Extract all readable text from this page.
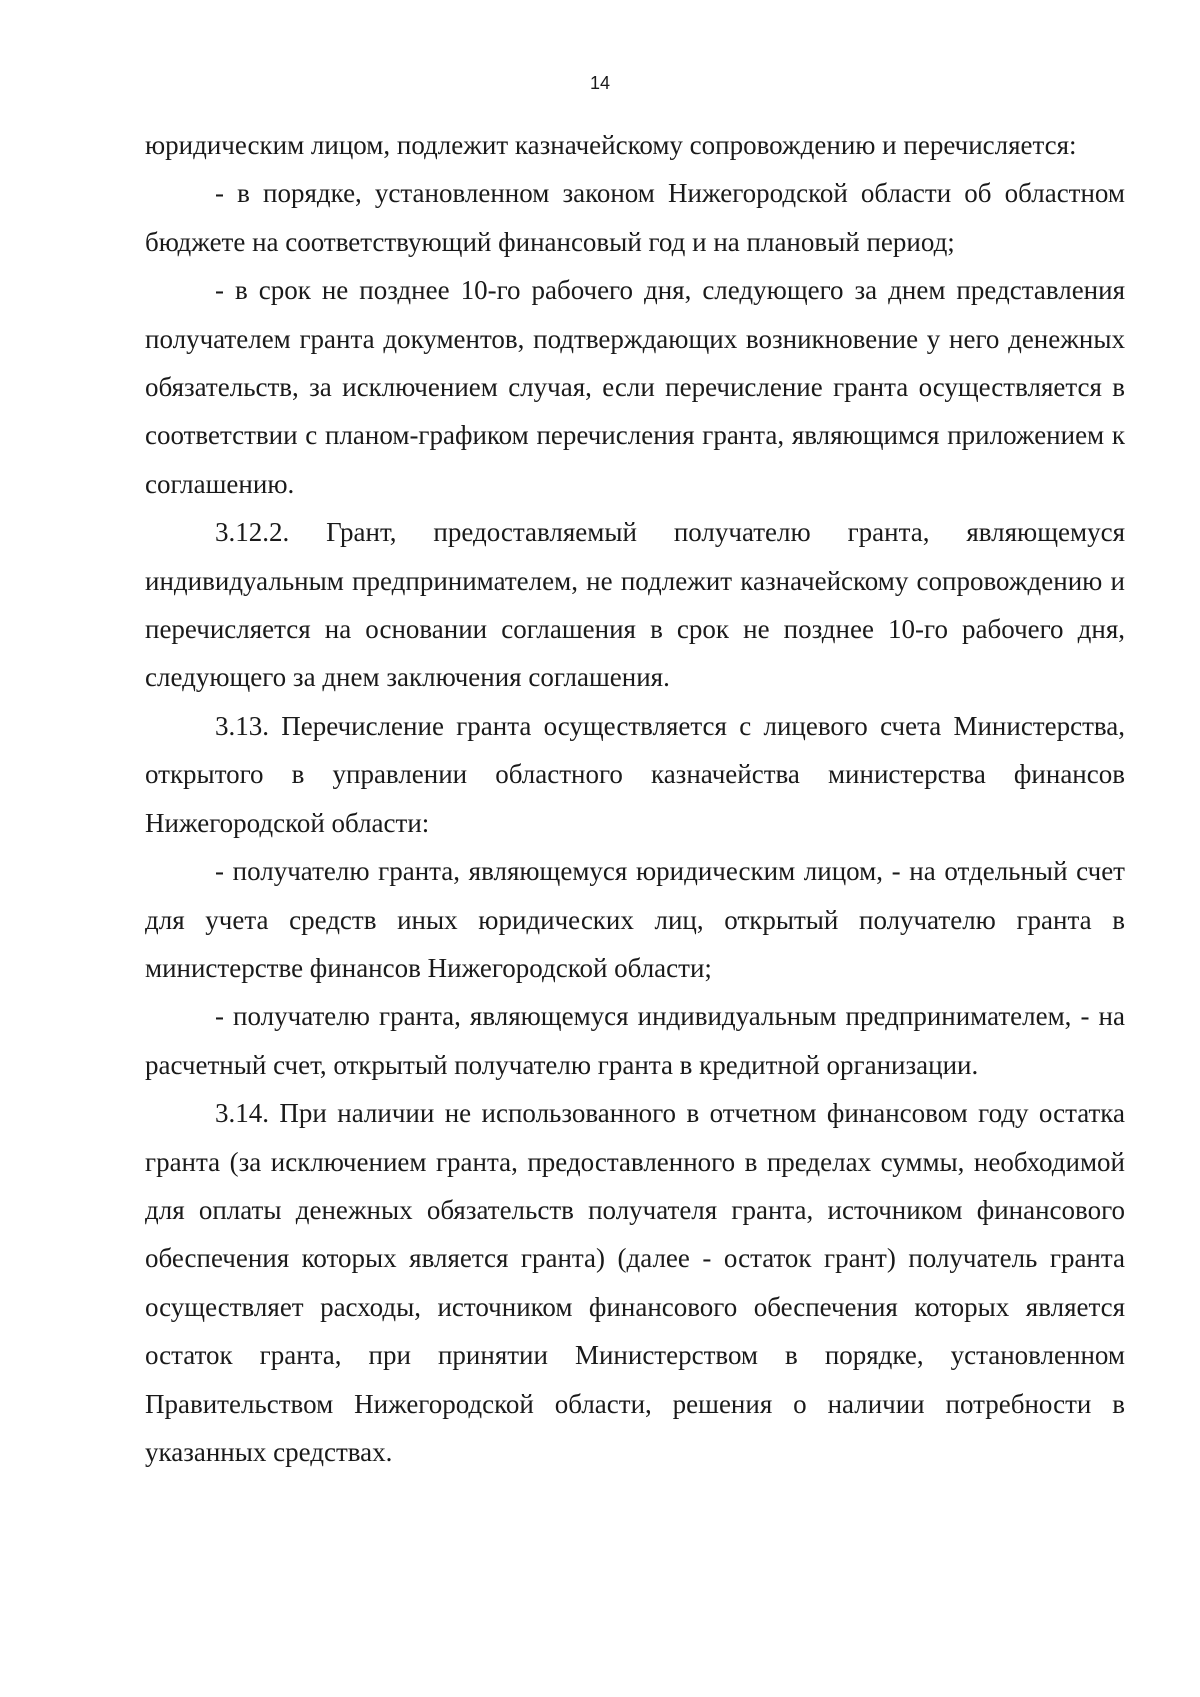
14

юридическим лицом, подлежит казначейскому сопровождению и перечисляется:

- в порядке, установленном законом Нижегородской области об областном бюджете на соответствующий финансовый год и на плановый период;

- в срок не позднее 10-го рабочего дня, следующего за днем представления получателем гранта документов, подтверждающих возникновение у него денежных обязательств, за исключением случая, если перечисление гранта осуществляется в соответствии с планом-графиком перечисления гранта, являющимся приложением к соглашению.

3.12.2. Грант, предоставляемый получателю гранта, являющемуся индивидуальным предпринимателем, не подлежит казначейскому сопровождению и перечисляется на основании соглашения в срок не позднее 10-го рабочего дня, следующего за днем заключения соглашения.

3.13. Перечисление гранта осуществляется с лицевого счета Министерства, открытого в управлении областного казначейства министерства финансов Нижегородской области:

- получателю гранта, являющемуся юридическим лицом, - на отдельный счет для учета средств иных юридических лиц, открытый получателю гранта в министерстве финансов Нижегородской области;

- получателю гранта, являющемуся индивидуальным предпринимателем, - на расчетный счет, открытый получателю гранта в кредитной организации.

3.14. При наличии не использованного в отчетном финансовом году остатка гранта (за исключением гранта, предоставленного в пределах суммы, необходимой для оплаты денежных обязательств получателя гранта, источником финансового обеспечения которых является гранта) (далее - остаток грант) получатель гранта осуществляет расходы, источником финансового обеспечения которых является остаток гранта, при принятии Министерством в порядке, установленном Правительством Нижегородской области, решения о наличии потребности в указанных средствах.
